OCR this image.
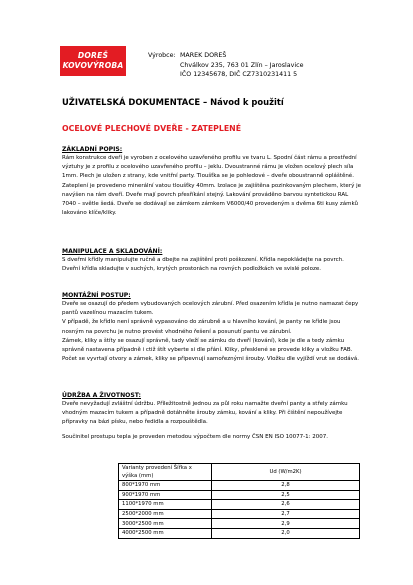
DOREŠ
KOVOVÝROBA
Výrobce: MAREK DOREŠ
Chválkov 235, 763 01 Zlín – Jaroslavice
IČO 12345678, DIČ CZ7310231411 5
UŽIVATELSKÁ DOKUMENTACE – Návod k použití
OCELOVÉ PLECHOVÉ DVEŘE - ZATEPLENÉ
ZÁKLADNÍ POPIS:

Rám konstrukce dveří je vyroben z ocelového uzavřeného profilu ve tvaru L. Spodní část rámu a prostřední výztuhy je z profilu z ocelového uzavřeného profilu – jeklu. Dvoustranné rámu je vložen ocelový plech síla 1mm. Plech je uložen z strany, kde vnitřní party. Tloušťka se je pohledové – dveře oboustranně opláštěné.

Zateplení je provedeno minerální vatou tloušťky 40mm. Izolace je zajištěna pozinkovaným plechem, který je navýšen na rám dveří. Dveře mají povrch přesříkání stejný. Lakování prováděno barvou syntetickou RAL 7040 – světle šedá. Dveře se dodávají se zámkem zámkem V6000/40 provedeným s dvěma 6ti kusy zámků lakováno klíče/kliky.

MANIPULACE A SKLADOVÁNÍ:

S dveřmi křídly manipulujte ručně a dbejte na zajištění proti poškození. Křídla nepokládejte na povrch.

Dveřní křídla skladujte v suchých, krytých prostorách na rovných podložkách ve svislé poloze.

MONTÁŽNÍ POSTUP:

Dveře se osazují do předem vybudovaných ocelových zárubní. Před osazením křídla je nutno namazat čepy pantů vazelínou mazacím tukem.

V případě, že křídlo není správně vypasováno do zárubně a u hlavního kování, je panty ne křídle jsou nosným na povrchu je nutno provést vhodného řešení a posunutí pantu ve zárubní.

Zámek, kliky a štíty se osazují správně, tady vleží se zámku do dveří (kování), kde je dle a tedy zámku správně nastavena případně i ctiž štít vyberte si dle přání. Kliky, přesklené se provede kliky a vložku FAB. Počet se vyvrtají otvory a zámek, kliky se připevnují samořeznými šrouby. Vložku dle vyjíždí vrut se dodává.

ÚDRŽBA A ŽIVOTNOST:

Dveře nevyžadují zvláštní údržbu. Příležitostně jednou za půl roku namažte dveřní panty a střely zámku vhodným mazacím tukem a případně dotáhněte šrouby zámku, kování a kliky. Při čištění nepoužívejte přípravky na bázi písku, nebo ředidla a rozpouštědla.

Součinitel prostupu tepla je proveden metodou výpočtem dle normy ČSN EN ISO 10077-1: 2007.

Varianty provedení Šířka x výška (mm)	Ud (W/m2K)
800*1970 mm	2,8
900*1970 mm	2,5
1100*1970 mm	2,6
2500*2000 mm	2,7
3000*2500 mm	2,9
4000*2500 mm	2,0
